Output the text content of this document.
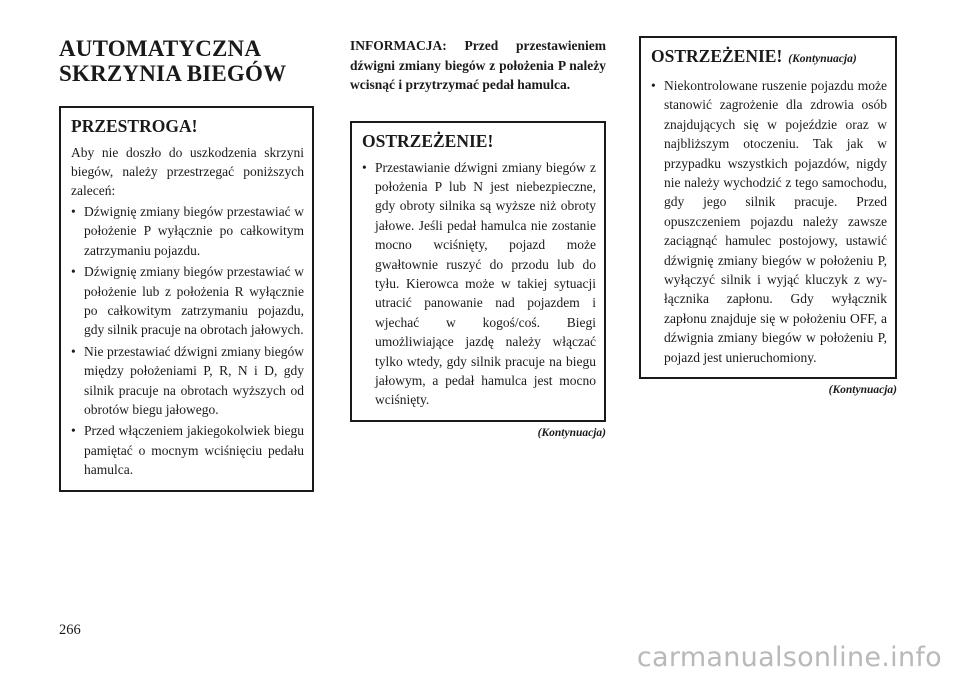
AUTOMATYCZNA
SKRZYNIA BIEGÓW
PRZESTROGA!

Aby nie doszło do uszkodzenia skrzyni biegów, należy przestrzegać poniższych zaleceń:

• Dźwignię zmiany biegów przestawiać w położenie P wyłącznie po całkowitym zatrzymaniu pojazdu.
• Dźwignię zmiany biegów przestawiać w położenie lub z położenia R wyłącznie po całkowitym zatrzymaniu pojazdu, gdy silnik pracuje na obrotach jałowych.
• Nie przestawiać dźwigni zmiany biegów między położeniami P, R, N i D, gdy silnik pracuje na obrotach wyższych od obrotów biegu jałowego.
• Przed włączeniem jakiegokolwiek biegu pamiętać o mocnym wciśnięciu pedału hamulca.

INFORMACJA: Przed przestawieniem dźwigni zmiany biegów z położenia P należy wcisnąć i przytrzymać pedał hamulca.

OSTRZEŻENIE!
• Przestawianie dźwigni zmiany biegów z położenia P lub N jest niebezpieczne, gdy obroty silnika są wyższe niż obroty jałowe. Jeśli pedał hamulca nie zostanie mocno wciśnięty, pojazd może gwałtownie ruszyć do przodu lub do tyłu. Kierowca może w takiej sytuacji utracić panowanie nad pojazdem i wjechać w kogoś/coś. Biegi umożliwiające jazdę należy włączać tylko wtedy, gdy silnik pracuje na biegu jałowym, a pedał hamulca jest mocno wciśnięty.
(Kontynuacja)
OSTRZEŻENIE! (Kontynuacja)
• Niekontrolowane ruszenie pojazdu może stanowić zagrożenie dla zdrowia osób znajdujących się w pojeździe oraz w najbliższym otoczeniu. Tak jak w przypadku wszystkich pojazdów, nigdy nie należy wychodzić z tego samochodu, gdy jego silnik pracuje. Przed opuszczeniem pojazdu należy zawsze zaciągnąć hamulec postojowy, ustawić dźwignię zmiany biegów w położeniu P, wyłączyć silnik i wyjąć kluczyk z wyłącznika zapłonu. Gdy wyłącznik zapłonu znajduje się w położeniu OFF, a dźwignia zmiany biegów w położeniu P, pojazd jest unieruchomiony.
(Kontynuacja)
266
carmanualsonline.info
